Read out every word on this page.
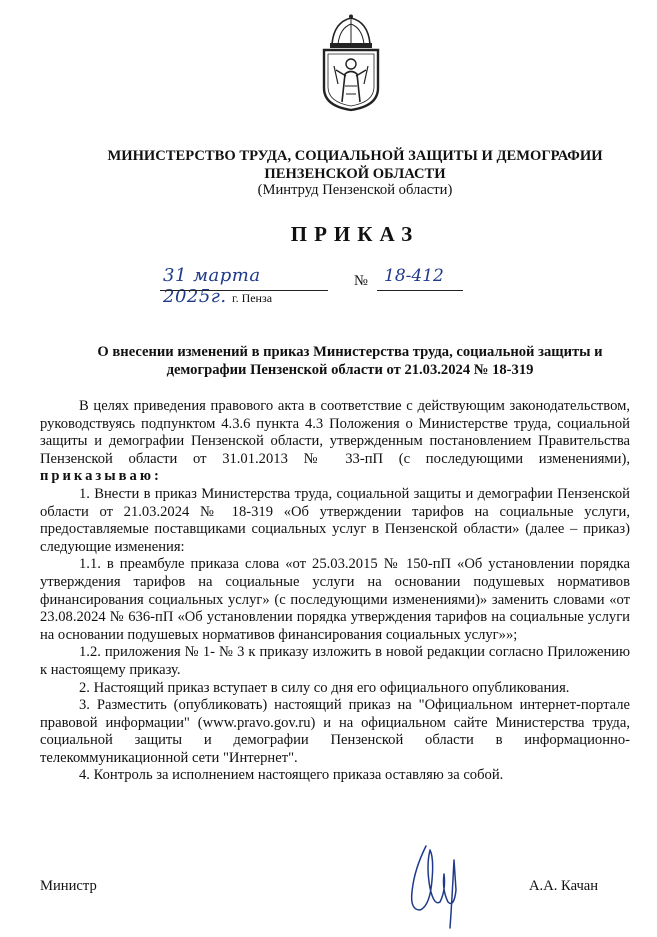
МИНИСТЕРСТВО ТРУДА, СОЦИАЛЬНОЙ ЗАЩИТЫ И ДЕМОГРАФИИ
ПЕНЗЕНСКОЙ ОБЛАСТИ
(Минтруд Пензенской области)
ПРИКАЗ
31 марта 2025г. г. Пенза
№ 18-412
О внесении изменений в приказ Министерства труда, социальной защиты и
демографии Пензенской области от 21.03.2024 № 18-319

В целях приведения правового акта в соответствие с действующим законодательством, руководствуясь подпунктом 4.3.6 пункта 4.3 Положения о Министерстве труда, социальной защиты и демографии Пензенской области, утвержденным постановлением Правительства Пензенской области от 31.01.2013 № 33-пП (с последующими изменениями), приказываю:

1. Внести в приказ Министерства труда, социальной защиты и демографии Пензенской области от 21.03.2024 № 18-319 «Об утверждении тарифов на социальные услуги, предоставляемые поставщиками социальных услуг в Пензенской области» (далее – приказ) следующие изменения:

1.1. в преамбуле приказа слова «от 25.03.2015 № 150-пП «Об установлении порядка утверждения тарифов на социальные услуги на основании подушевых нормативов финансирования социальных услуг» (с последующими изменениями)» заменить словами «от 23.08.2024 № 636-пП «Об установлении порядка утверждения тарифов на социальные услуги на основании подушевых нормативов финансирования социальных услуг»»;

1.2. приложения № 1- № 3 к приказу изложить в новой редакции согласно Приложению к настоящему приказу.

2. Настоящий приказ вступает в силу со дня его официального опубликования.

3. Разместить (опубликовать) настоящий приказ на "Официальном интернет-портале правовой информации" (www.pravo.gov.ru) и на официальном сайте Министерства труда, социальной защиты и демографии Пензенской области в информационно-телекоммуникационной сети "Интернет".

4. Контроль за исполнением настоящего приказа оставляю за собой.

Министр	А.А. Качан
